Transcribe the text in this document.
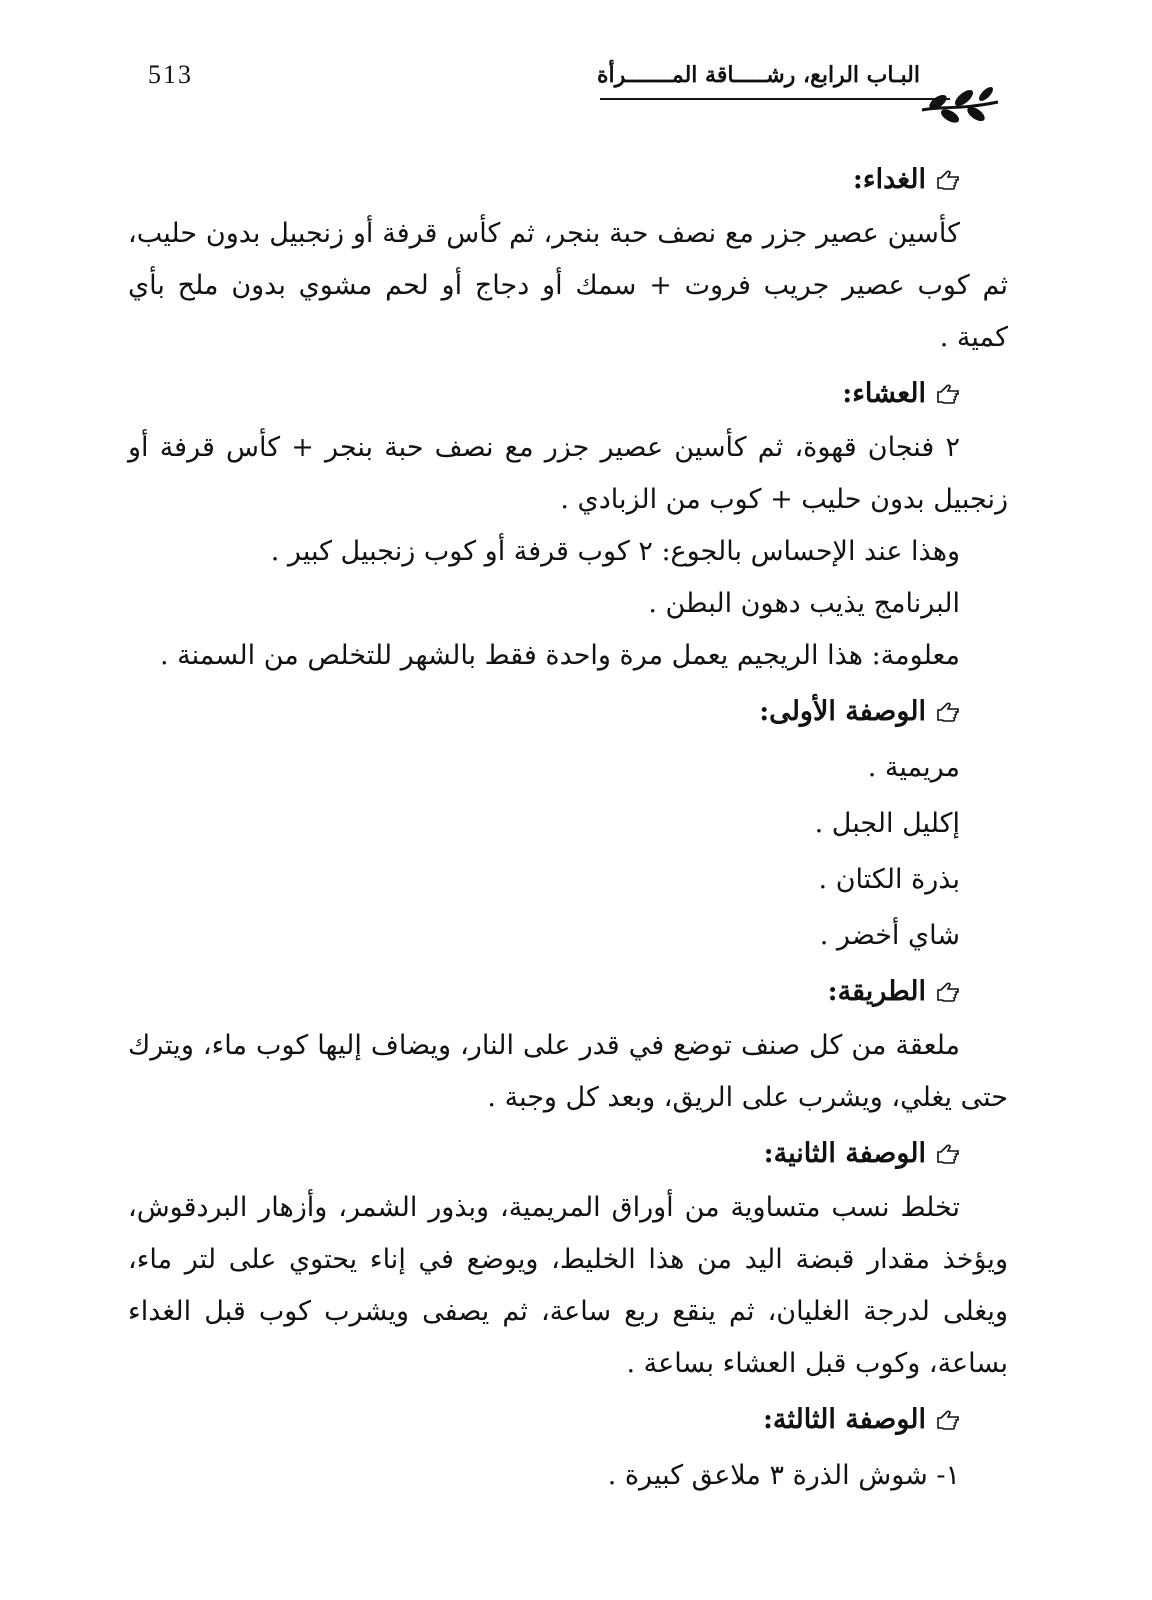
513	البـاب الرابع، رشـــــاقة المـــــــرأة
الغداء:

كأسين عصير جزر مع نصف حبة بنجر، ثم كأس قرفة أو زنجبيل بدون حليب، ثم كوب عصير جريب فروت + سمك أو دجاج أو لحم مشوي بدون ملح بأي كمية .

العشاء:

٢ فنجان قهوة، ثم كأسين عصير جزر مع نصف حبة بنجر + كأس قرفة أو زنجبيل بدون حليب + كوب من الزبادي .

وهذا عند الإحساس بالجوع: ٢ كوب قرفة أو كوب زنجبيل كبير .

البرنامج يذيب دهون البطن .

معلومة: هذا الريجيم يعمل مرة واحدة فقط بالشهر للتخلص من السمنة .

الوصفة الأولى:
مريمية .
إكليل الجبل .
بذرة الكتان .
شاي أخضر .
الطريقة:

ملعقة من كل صنف توضع في قدر على النار، ويضاف إليها كوب ماء، ويترك حتى يغلي، ويشرب على الريق، وبعد كل وجبة .

الوصفة الثانية:

تخلط نسب متساوية من أوراق المريمية، وبذور الشمر، وأزهار البردقوش، ويؤخذ مقدار قبضة اليد من هذا الخليط، ويوضع في إناء يحتوي على لتر ماء، ويغلى لدرجة الغليان، ثم ينقع ربع ساعة، ثم يصفى ويشرب كوب قبل الغداء بساعة، وكوب قبل العشاء بساعة .

الوصفة الثالثة:
١- شوش الذرة ٣ ملاعق كبيرة .
